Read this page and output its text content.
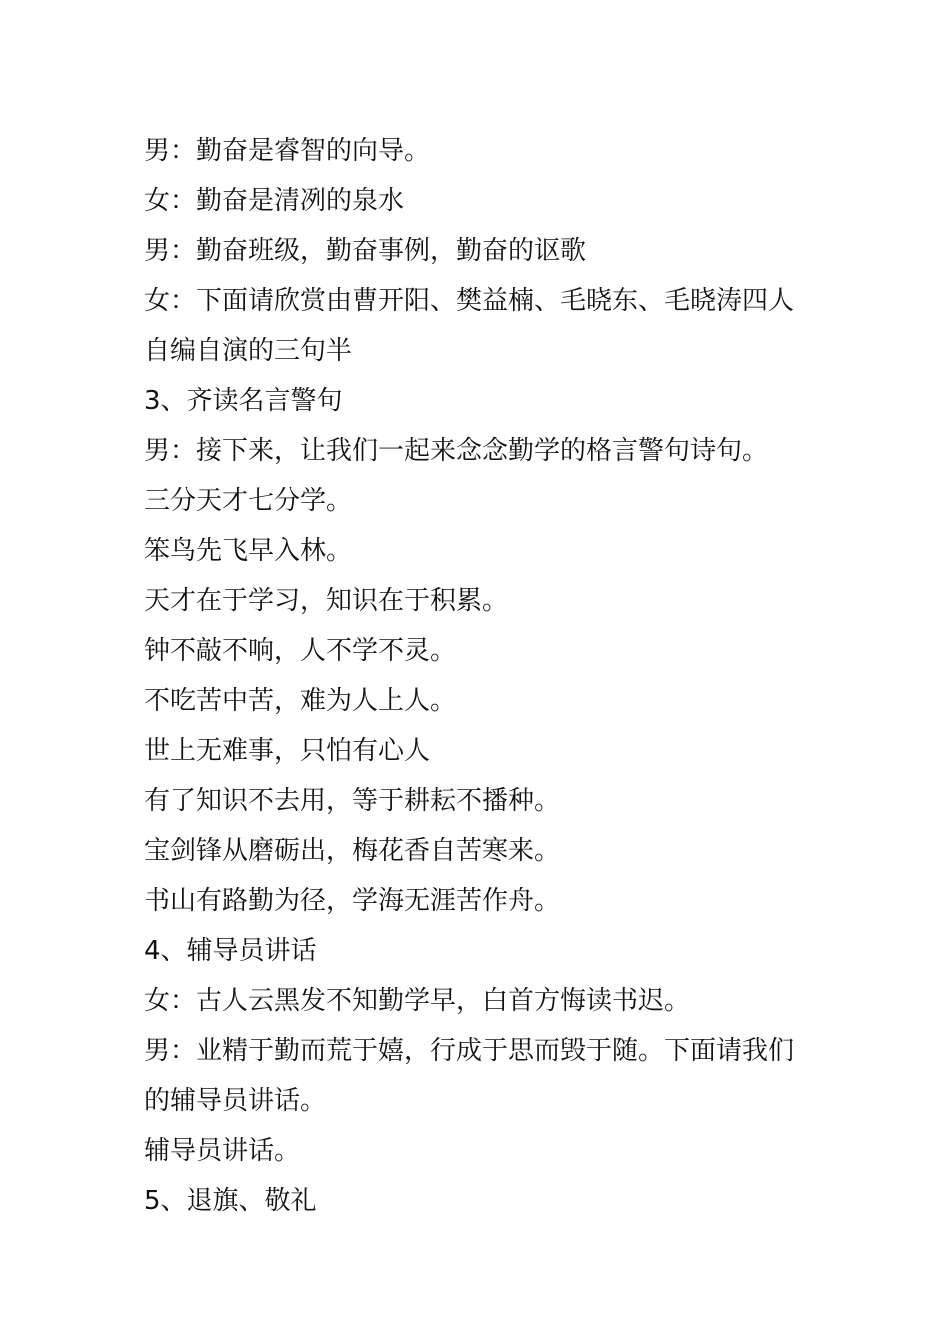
男：勤奋是睿智的向导。
女：勤奋是清冽的泉水
男：勤奋班级，勤奋事例，勤奋的讴歌
女：下面请欣赏由曹开阳、樊益楠、毛晓东、毛晓涛四人
自编自演的三句半
3、齐读名言警句
男：接下来，让我们一起来念念勤学的格言警句诗句。
三分天才七分学。
笨鸟先飞早入林。
天才在于学习，知识在于积累。
钟不敲不响，人不学不灵。
不吃苦中苦，难为人上人。
世上无难事，只怕有心人
有了知识不去用，等于耕耘不播种。
宝剑锋从磨砺出，梅花香自苦寒来。
书山有路勤为径，学海无涯苦作舟。
4、辅导员讲话
女：古人云黑发不知勤学早，白首方悔读书迟。
男：业精于勤而荒于嬉，行成于思而毁于随。下面请我们
的辅导员讲话。
辅导员讲话。
5、退旗、敬礼
